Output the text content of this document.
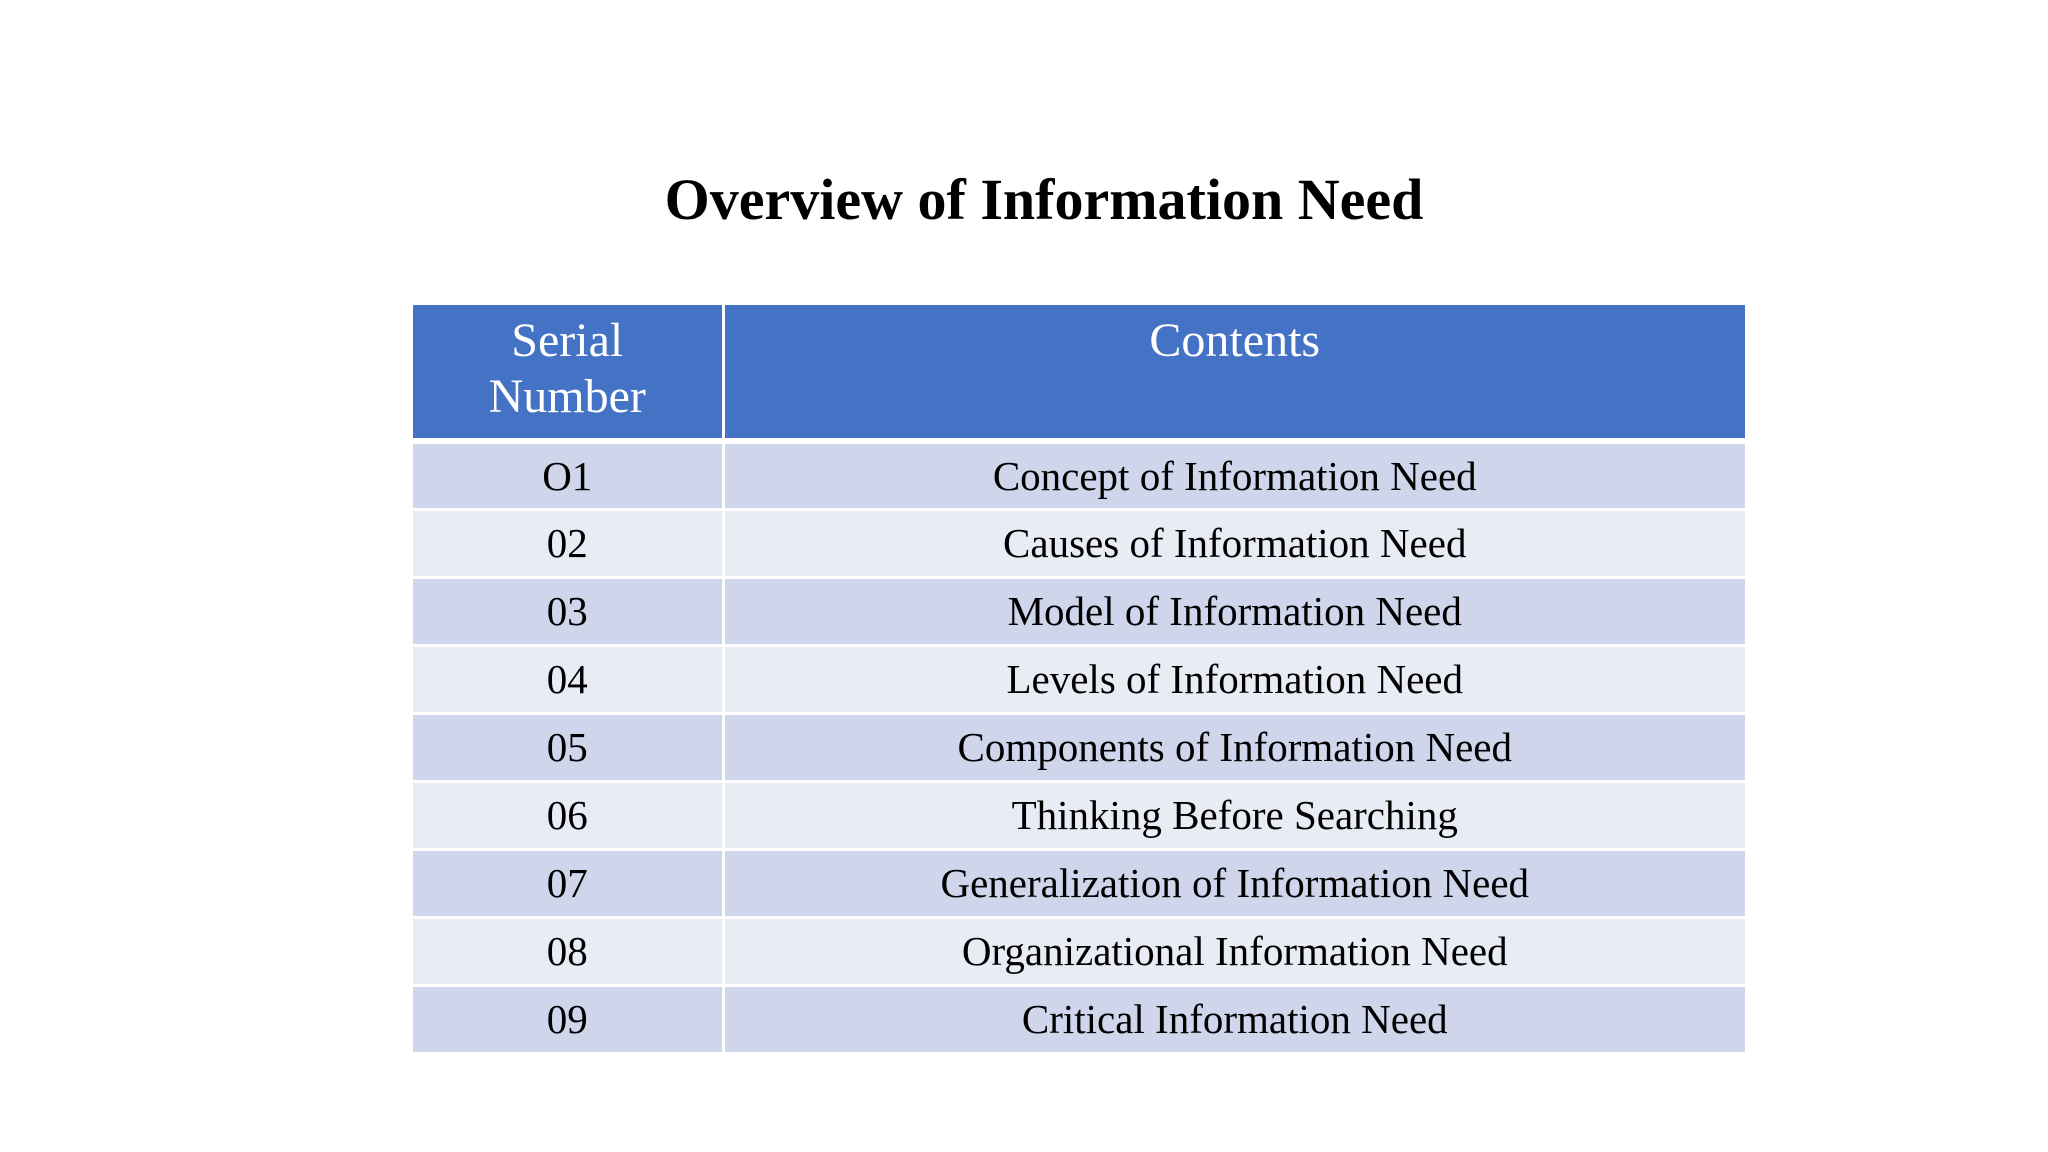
Overview of Information Need
Serial
Number	Contents
O1	Concept of Information Need
02	Causes of Information Need
03	Model of Information Need
04	Levels of Information Need
05	Components of Information Need
06	Thinking Before Searching
07	Generalization of Information Need
08	Organizational Information Need
09	Critical Information Need
